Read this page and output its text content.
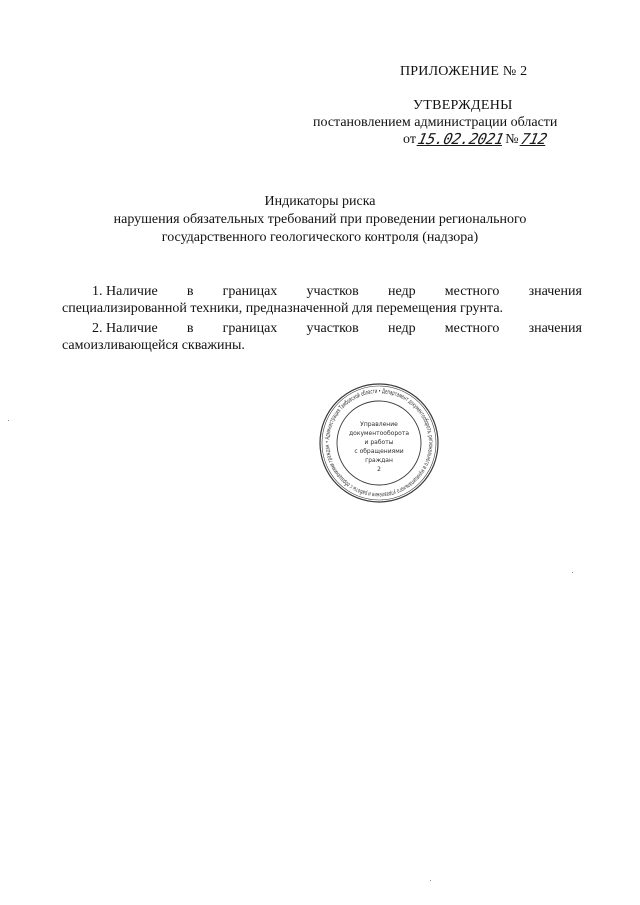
ПРИЛОЖЕНИЕ № 2
УТВЕРЖДЕНЫ
постановлением администрации области
от 15.02.2021 № 712
Индикаторы риска
нарушения обязательных требований при проведении регионального
государственного геологического контроля (надзора)
1. Наличие в границах участков недр местного значения
специализированной техники, предназначенной для перемещения грунта.
2. Наличие в границах участков недр местного значения
самоизливающейся скважины.
• Администрация Тамбовской области • Департамент документооборота, регионального и муниципального управления и работы с обращениями граждан
Управление
документооборота
и работы
с обращениями
граждан
2
